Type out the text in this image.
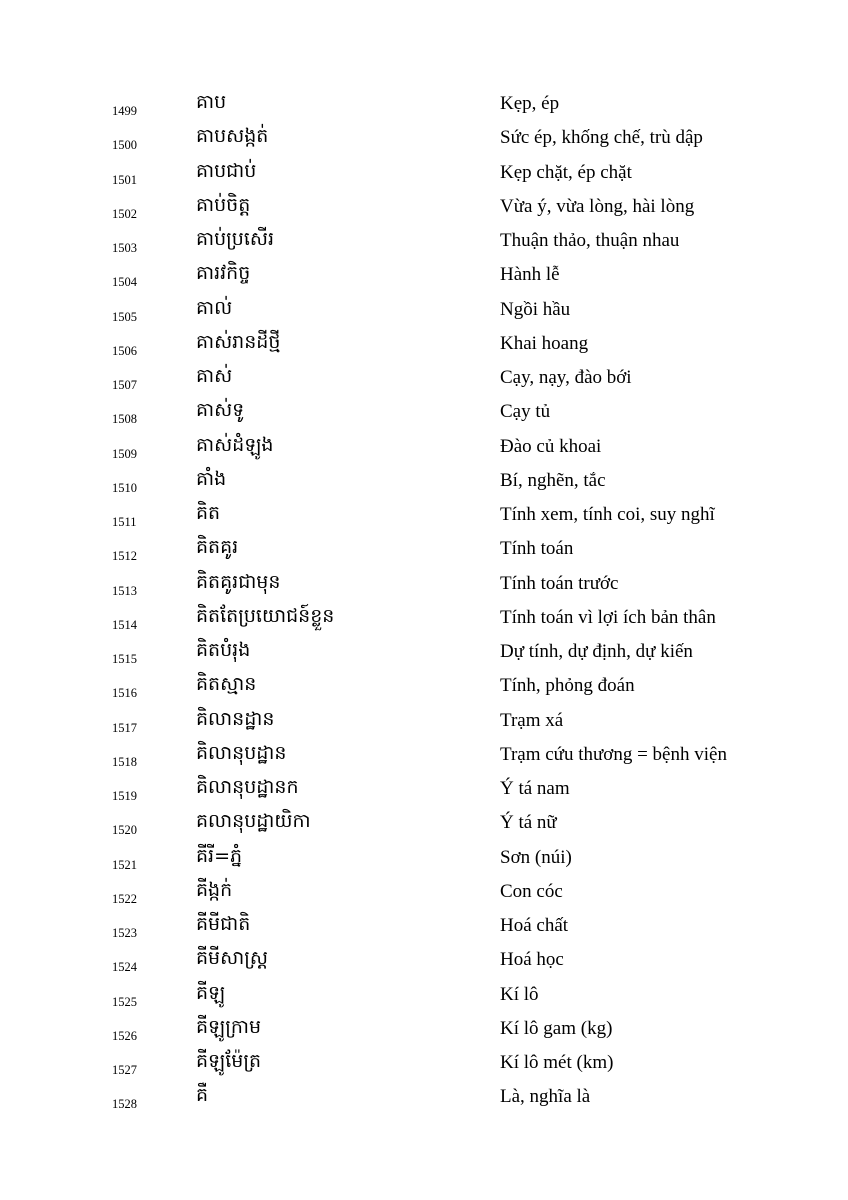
1499	គាប	Kẹp, ép
1500	គាបសង្កត់	Sức ép, khống chế, trù dập
1501	គាបជាប់	Kẹp chặt, ép chặt
1502	គាប់ចិត្ត	Vừa ý, vừa lòng, hài lòng
1503	គាប់ប្រសើរ	Thuận thảo, thuận nhau
1504	គារវកិច្ច	Hành lễ
1505	គាល់	Ngồi hầu
1506	គាស់រានដីថ្មី	Khai hoang
1507	គាស់	Cạy, nạy, đào bới
1508	គាស់ទូ	Cạy tủ
1509	គាស់ដំឡូង	Đào củ khoai
1510	គាំង	Bí, nghẽn, tắc
1511	គិត	Tính xem, tính coi, suy nghĩ
1512	គិតគូរ	Tính toán
1513	គិតគូរជាមុន	Tính toán trước
1514	គិតតែប្រយោជន៍ខ្លួន	Tính toán vì lợi ích bản thân
1515	គិតបំរុង	Dự tính, dự định, dự kiến
1516	គិតស្មាន	Tính, phỏng đoán
1517	គិលានដ្ឋាន	Trạm xá
1518	គិលានុបដ្ឋាន	Trạm cứu thương = bệnh viện
1519	គិលានុបដ្ឋានក	Ý tá nam
1520	គលានុបដ្ឋាយិកា	Ý tá nữ
1521	គីរី=ភ្នំ	Sơn (núi)
1522	គីង្កក់	Con cóc
1523	គីមីជាតិ	Hoá chất
1524	គីមីសាស្ត្រ	Hoá học
1525	គីឡូ	Kí lô
1526	គីឡូក្រាម	Kí lô gam (kg)
1527	គីឡូម៉ែត្រ	Kí lô mét (km)
1528	គឺ	Là, nghĩa là
